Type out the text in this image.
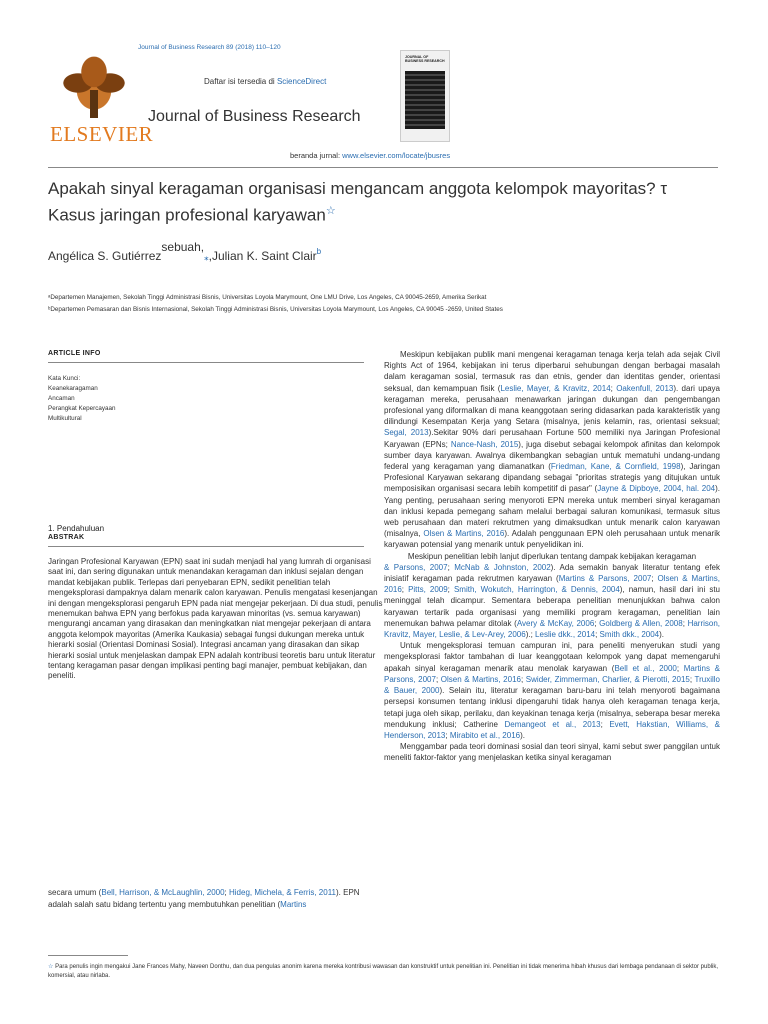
Journal of Business Research 89 (2018) 110–120
ELSEVIER
Daftar isi tersedia di ScienceDirect
Journal of Business Research
JOURNAL OF BUSINESS RESEARCH
beranda jurnal: www.elsevier.com/locate/jbusres
Apakah sinyal keragaman organisasi mengancam anggota kelompok mayoritas? τ
Kasus jaringan profesional karyawan☆
Angélica S. Gutiérrez$^{sebuah,}$⁎,Julian K. Saint Clair$^b$
ᵃDepartemen Manajemen, Sekolah Tinggi Administrasi Bisnis, Universitas Loyola Marymount, One LMU Drive, Los Angeles, CA 90045-2659, Amerika Serikat
ᵇDepartemen Pemasaran dan Bisnis Internasional, Sekolah Tinggi Administrasi Bisnis, Universitas Loyola Marymount, Los Angeles, CA 90045 -2659, United States
ARTICLE INFO
Kata Kunci:
Keanekaragaman
Ancaman
Perangkat Kepercayaan
Multikultural
1. Pendahuluan
ABSTRAK
Jaringan Profesional Karyawan (EPN) saat ini sudah menjadi hal yang lumrah di organisasi saat ini, dan sering digunakan untuk menandakan keragaman dan inklusi sejalan dengan mandat kebijakan publik. Terlepas dari penyebaran EPN, sedikit penelitian telah mengeksplorasi dampaknya dalam menarik calon karyawan. Penulis mengatasi kesenjangan ini dengan mengeksplorasi pengaruh EPN pada niat mengejar pekerjaan. Di dua studi, penulis menemukan bahwa EPN yang berfokus pada karyawan minoritas (vs. semua karyawan) mengurangi ancaman yang dirasakan dan meningkatkan niat mengejar pekerjaan di antara anggota kelompok mayoritas (Amerika Kaukasia) sebagai fungsi dukungan mereka untuk hierarki sosial (Orientasi Dominasi Sosial). Integrasi ancaman yang dirasakan dan sikap hierarki sosial untuk menjelaskan dampak EPN adalah kontribusi teoretis baru untuk literatur tentang keragaman pasar dengan implikasi penting bagi manajer, pembuat kebijakan, dan peneliti.
secara umum (Bell, Harrison, & McLaughlin, 2000; Hideg, Michela, & Ferris, 2011). EPN adalah salah satu bidang tertentu yang membutuhkan penelitian (Martins
Meskipun kebijakan publik mani mengenai keragaman tenaga kerja telah ada sejak Civil Rights Act of 1964, kebijakan ini terus diperbarui sehubungan dengan berbagai masalah dalam keragaman sosial, termasuk ras dan etnis, gender dan identitas gender, orientasi seksual, dan kemampuan fisik (Leslie, Mayer, & Kravitz, 2014; Oakenfull, 2013). dari upaya keragaman mereka, perusahaan menawarkan jaringan dukungan dan pengembangan profesional yang diformalkan di mana keanggotaan sering didasarkan pada karakteristik yang dilindungi Kesempatan Kerja yang Setara (misalnya, jenis kelamin, ras, orientasi seksual; Segal, 2013).Sekitar 90% dari perusahaan Fortune 500 memiliki nya Jaringan Profesional Karyawan (EPNs; Nance-Nash, 2015), juga disebut sebagai kelompok afinitas dan kelompok sumber daya karyawan. Awalnya dikembangkan sebagian untuk mematuhi undang-undang federal yang keragaman yang diamanatkan (Friedman, Kane, & Cornfield, 1998), Jaringan Profesional Karyawan sekarang dipandang sebagai "prioritas strategis yang ditujukan untuk memposisikan organisasi secara lebih kompetitif di pasar" (Jayne & Dipboye, 2004, hal. 204). Yang penting, perusahaan sering menyoroti EPN mereka untuk memberi sinyal keragaman dan inklusi kepada pemegang saham melalui berbagai saluran komunikasi, termasuk situs web perusahaan dan materi rekrutmen yang dimaksudkan untuk menarik calon karyawan (misalnya, Olsen & Martins, 2016). Adalah penggunaan EPN oleh perusahaan untuk menarik karyawan potensial yang menarik untuk penyelidikan ini.
Meskipun penelitian lebih lanjut diperlukan tentang dampak kebijakan keragaman
& Parsons, 2007; McNab & Johnston, 2002). Ada semakin banyak literatur tentang efek inisiatif keragaman pada rekrutmen karyawan (Martins & Parsons, 2007; Olsen & Martins, 2016; Pitts, 2009; Smith, Wokutch, Harrington, & Dennis, 2004), namun, hasil dari ini stu meninggal telah dicampur. Sementara beberapa penelitian menunjukkan bahwa calon karyawan tertarik pada organisasi yang memiliki program keragaman, penelitian lain menemukan bahwa pelamar ditolak (Avery & McKay, 2006; Goldberg & Allen, 2008; Harrison, Kravitz, Mayer, Leslie, & Lev-Arey, 2006).; Leslie dkk., 2014; Smith dkk., 2004).
Untuk mengeksplorasi temuan campuran ini, para peneliti menyerukan studi yang mengeksplorasi faktor tambahan di luar keanggotaan kelompok yang dapat memengaruhi apakah sinyal keragaman menarik atau menolak karyawan (Bell et al., 2000; Martins & Parsons, 2007; Olsen & Martins, 2016; Swider, Zimmerman, Charlier, & Pierotti, 2015; Truxillo & Bauer, 2000). Selain itu, literatur keragaman baru-baru ini telah menyoroti bagaimana persepsi konsumen tentang inklusi dipengaruhi tidak hanya oleh keragaman tenaga kerja, tetapi juga oleh sikap, perilaku, dan keyakinan tenaga kerja (misalnya, seberapa besar mereka mendukung inklusi; Catherine Demangeot et al., 2013; Evett, Hakstian, Williams, & Henderson, 2013; Mirabito et al., 2016).
Menggambar pada teori dominasi sosial dan teori sinyal, kami sebut swer panggilan untuk meneliti faktor-faktor yang menjelaskan ketika sinyal keragaman
☆ Para penulis ingin mengakui Jane Frances Mahy, Naveen Donthu, dan dua pengulas anonim karena mereka kontribusi wawasan dan konstruktif untuk penelitian ini. Penelitian ini tidak menerima hibah khusus dari lembaga pendanaan di sektor publik, komersial, atau nirlaba.
